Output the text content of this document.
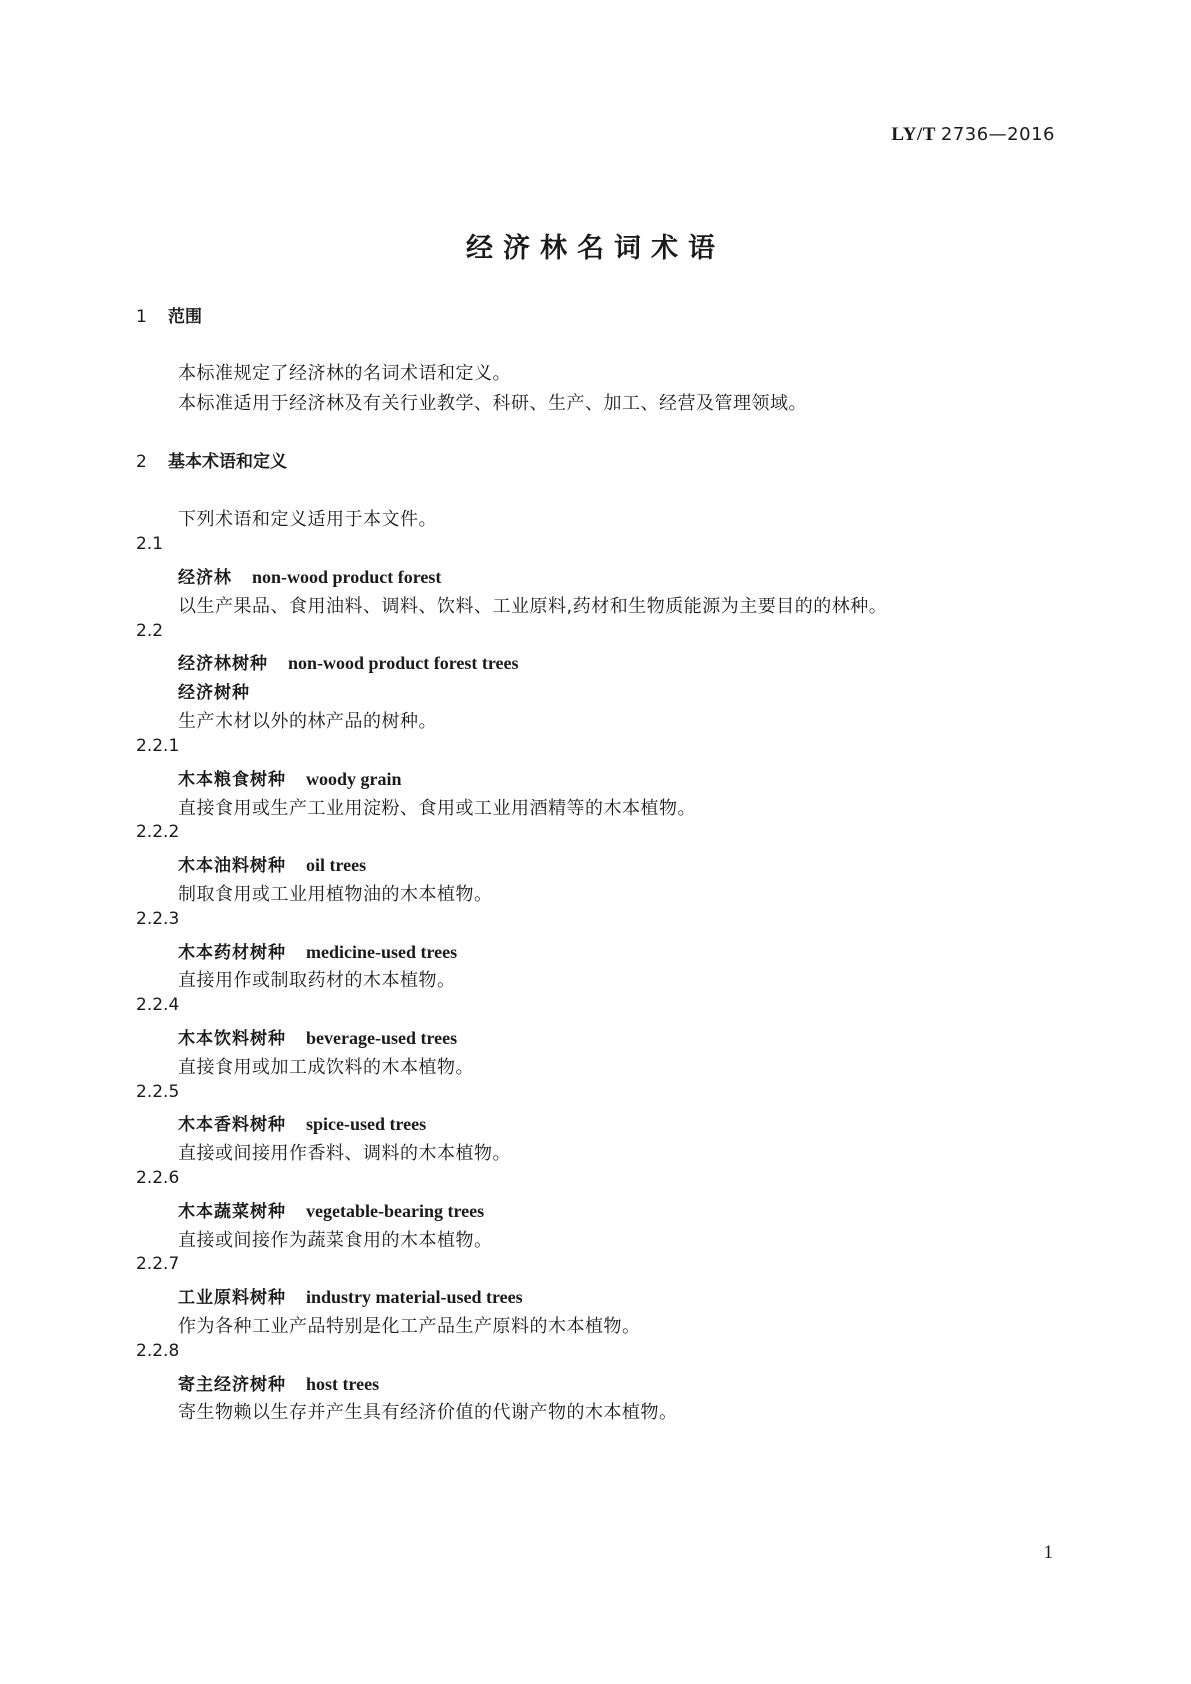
LY/T 2736—2016
经济林名词术语
1 范围
本标准规定了经济林的名词术语和定义。
本标准适用于经济林及有关行业教学、科研、生产、加工、经营及管理领域。
2 基本术语和定义
下列术语和定义适用于本文件。
2.1
经济林 non-wood product forest
以生产果品、食用油料、调料、饮料、工业原料,药材和生物质能源为主要目的的林种。
2.2
经济林树种 non-wood product forest trees
经济树种
生产木材以外的林产品的树种。
2.2.1
木本粮食树种 woody grain
直接食用或生产工业用淀粉、食用或工业用酒精等的木本植物。
2.2.2
木本油料树种 oil trees
制取食用或工业用植物油的木本植物。
2.2.3
木本药材树种 medicine-used trees
直接用作或制取药材的木本植物。
2.2.4
木本饮料树种 beverage-used trees
直接食用或加工成饮料的木本植物。
2.2.5
木本香料树种 spice-used trees
直接或间接用作香料、调料的木本植物。
2.2.6
木本蔬菜树种 vegetable-bearing trees
直接或间接作为蔬菜食用的木本植物。
2.2.7
工业原料树种 industry material-used trees
作为各种工业产品特别是化工产品生产原料的木本植物。
2.2.8
寄主经济树种 host trees
寄生物赖以生存并产生具有经济价值的代谢产物的木本植物。
1
